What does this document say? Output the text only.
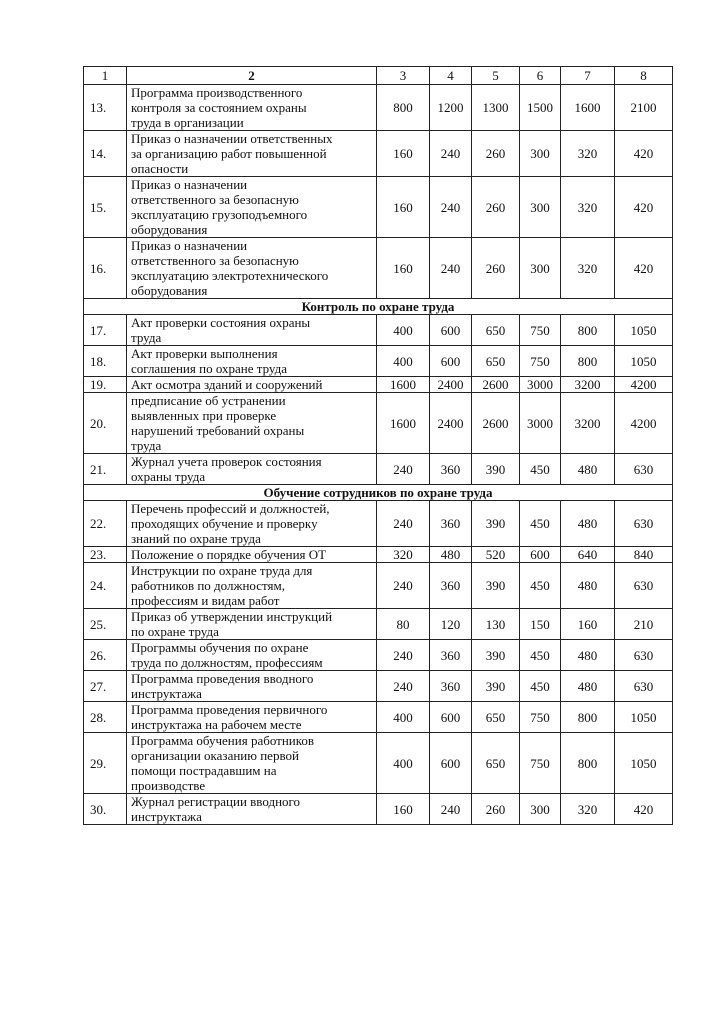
1	2	3	4	5	6	7	8
13.	Программа производственного
контроля за состоянием охраны
труда в организации	800	1200	1300	1500	1600	2100
14.	Приказ о назначении ответственных
за организацию работ повышенной
опасности	160	240	260	300	320	420
15.	Приказ о назначении
ответственного за безопасную
эксплуатацию грузоподъемного
оборудования	160	240	260	300	320	420
16.	Приказ о назначении
ответственного за безопасную
эксплуатацию электротехнического
оборудования	160	240	260	300	320	420
Контроль по охране труда							
17.	Акт проверки состояния охраны
труда	400	600	650	750	800	1050
18.	Акт проверки выполнения
соглашения по охране труда	400	600	650	750	800	1050
19.	Акт осмотра зданий и сооружений	1600	2400	2600	3000	3200	4200
20.	предписание об устранении
выявленных при проверке
нарушений требований охраны
труда	1600	2400	2600	3000	3200	4200
21.	Журнал учета проверок состояния
охраны труда	240	360	390	450	480	630
Обучение сотрудников по охране труда							
22.	Перечень профессий и должностей,
проходящих обучение и проверку
знаний по охране труда	240	360	390	450	480	630
23.	Положение о порядке обучения ОТ	320	480	520	600	640	840
24.	Инструкции по охране труда для
работников по должностям,
профессиям и видам работ	240	360	390	450	480	630
25.	Приказ об утверждении инструкций
по охране труда	80	120	130	150	160	210
26.	Программы обучения по охране
труда по должностям, профессиям	240	360	390	450	480	630
27.	Программа проведения вводного
инструктажа	240	360	390	450	480	630
28.	Программа проведения первичного
инструктажа на рабочем месте	400	600	650	750	800	1050
29.	Программа обучения работников
организации оказанию первой
помощи пострадавшим на
производстве	400	600	650	750	800	1050
30.	Журнал регистрации вводного
инструктажа	160	240	260	300	320	420
